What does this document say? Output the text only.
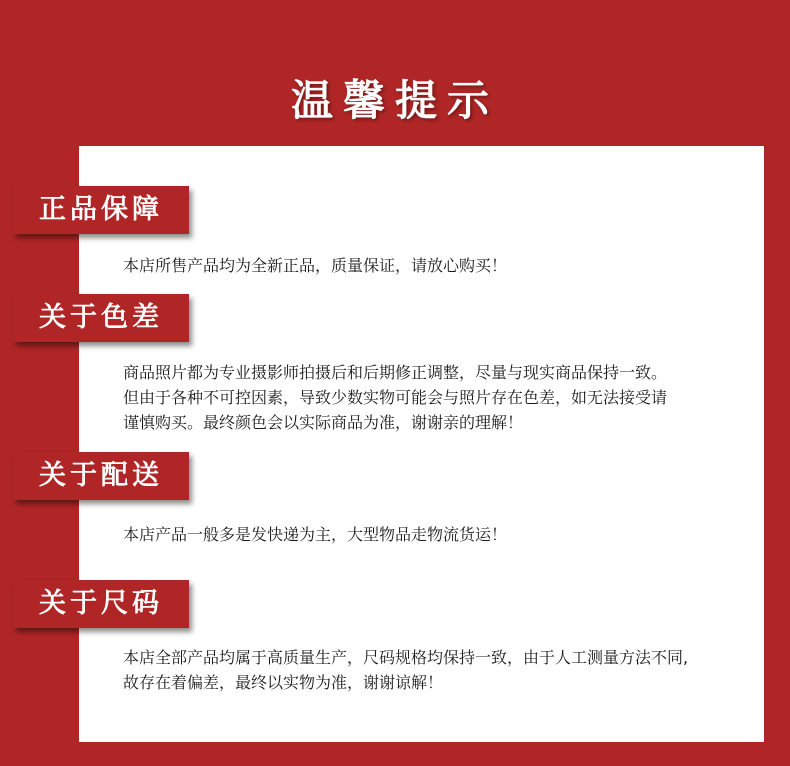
温馨提示
正品保障
本店所售产品均为全新正品，质量保证，请放心购买！
关于色差
商品照片都为专业摄影师拍摄后和后期修正调整，尽量与现实商品保持一致。
但由于各种不可控因素，导致少数实物可能会与照片存在色差，如无法接受请
谨慎购买。最终颜色会以实际商品为准，谢谢亲的理解！
关于配送
本店产品一般多是发快递为主，大型物品走物流货运！
关于尺码
本店全部产品均属于高质量生产，尺码规格均保持一致，由于人工测量方法不同,
故存在着偏差，最终以实物为准，谢谢谅解！
